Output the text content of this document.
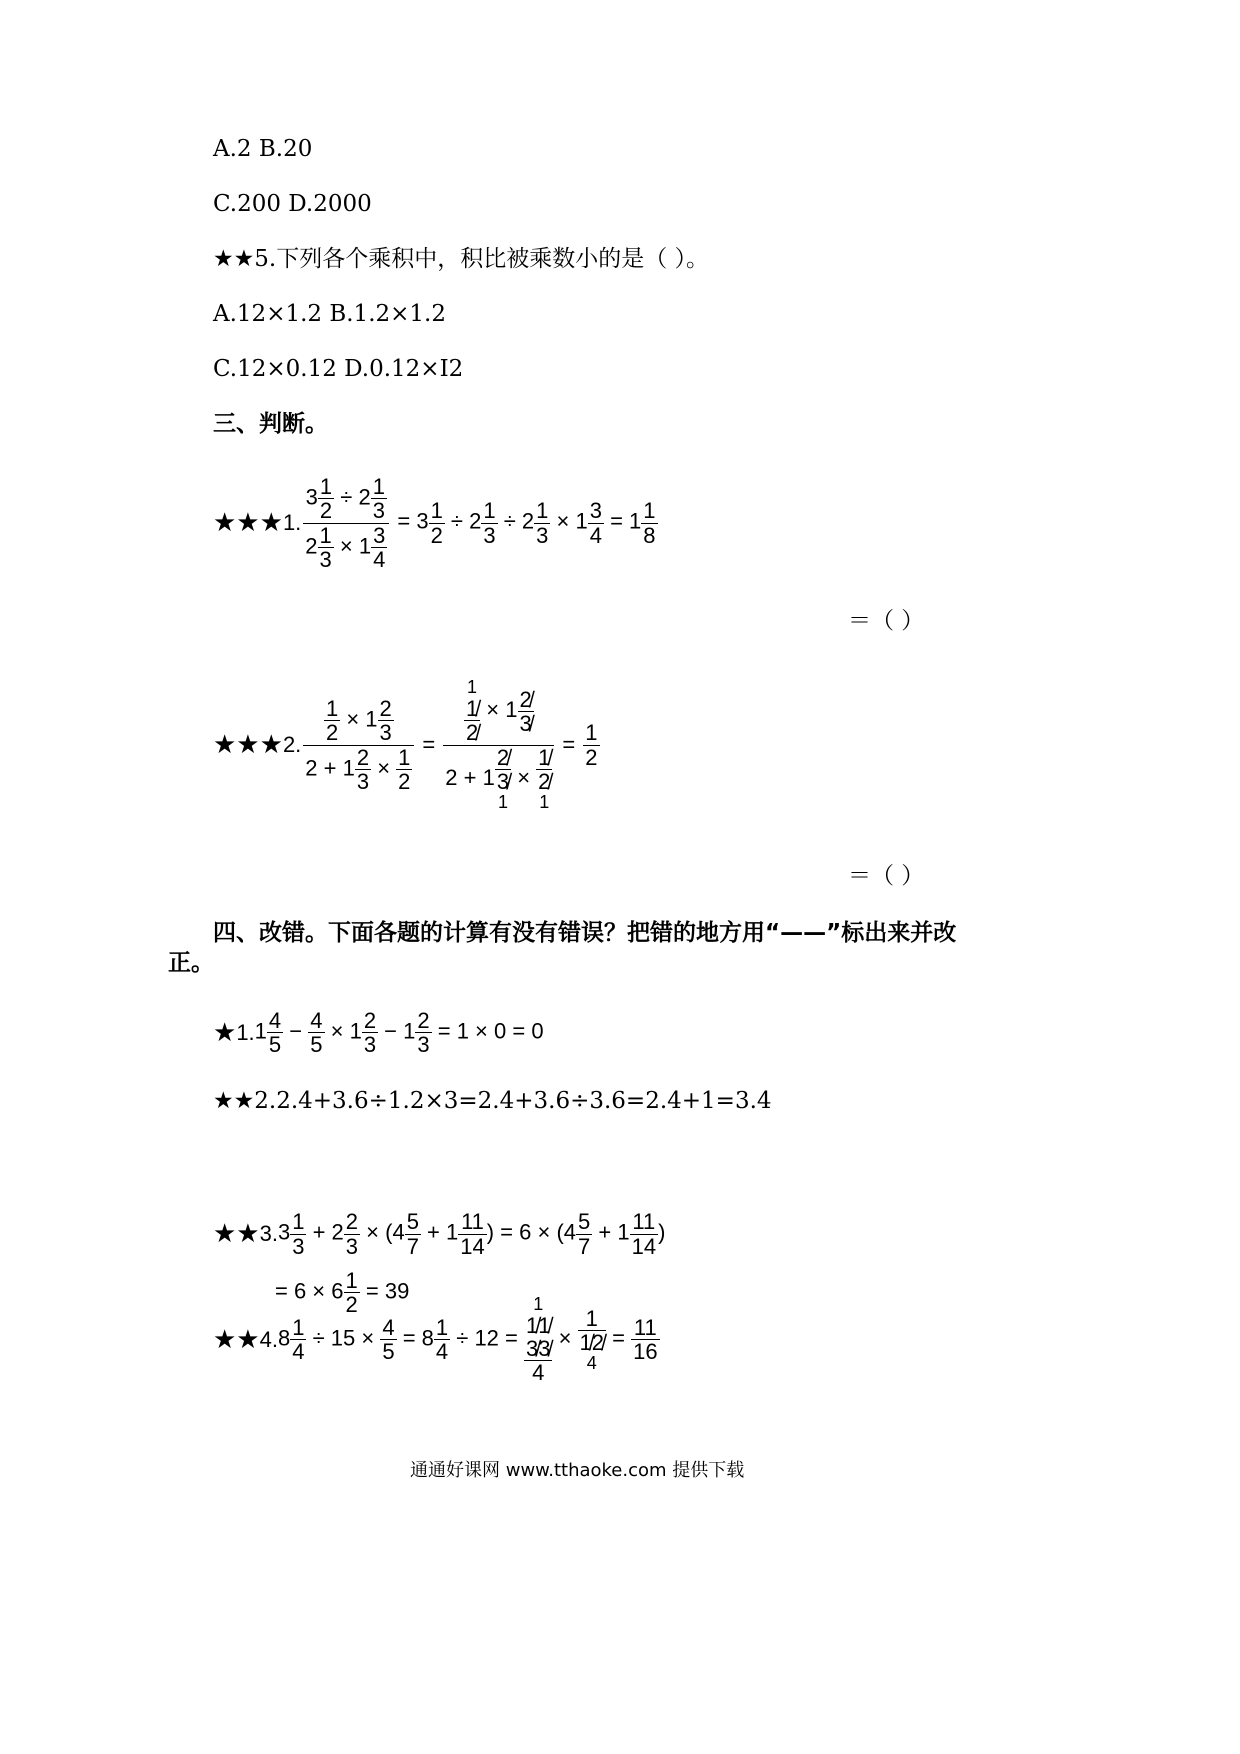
A.2 B.20
C.200 D.2000
★★5.下列各个乘积中，积比被乘数小的是（ ）。
A.12×1.2 B.1.2×1.2
C.12×0.12 D.0.12×I2
三、判断。
★★★ 1. $\frac{3 \frac{1}{2} \div 2 \frac{1}{3}}{2 \frac{1}{3} \times 1 \frac{3}{4}} = 3 \frac{1}{2} \div 2 \frac{1}{3} \div 2 \frac{1}{3} \times 1 \frac{3}{4} = 1 \frac{1}{8}$
＝（ ）
★★★ 2. $\frac{\frac{1}{2} \times 1 \frac{2}{3}}{2 + 1 \frac{2}{3} \times \frac{1}{2}} = 1$
1̸
2̸
× $1 \frac{2̸}{3̸}$
2 + 1
2̸
3̸
1
×
1̸
2̸
$1 = \frac{1}{2}$
＝（ ）
四、改错。下面各题的计算有没有错误？把错的地方用“——”标出来并改
正。
★ 1. $1 \frac{4}{5} - \frac{4}{5} \times 1 \frac{2}{3} - 1 \frac{2}{3} = 1 \times 0 = 0$
★★2.2.4+3.6÷1.2×3=2.4+3.6÷3.6=2.4+1=3.4
★★ 3. $3 \frac{1}{3} + 2 \frac{2}{3} \times (4 \frac{5}{7} + 1 \frac{11}{14}$ ) = $6 \times (4 \frac{5}{7} + 1 \frac{11}{14}$ )
= $6 \times 6 \frac{1}{2} = 39$
★★ 4. $8 \frac{1}{4} \div 15 \times \frac{4}{5} = 8 \frac{1}{4} \div 12$ =
1
1̸1̸
3̸3̸
4
×
1
1̸2̸
4
= $\frac{11}{16}$
通通好课网 www.tthaoke.com 提供下载
